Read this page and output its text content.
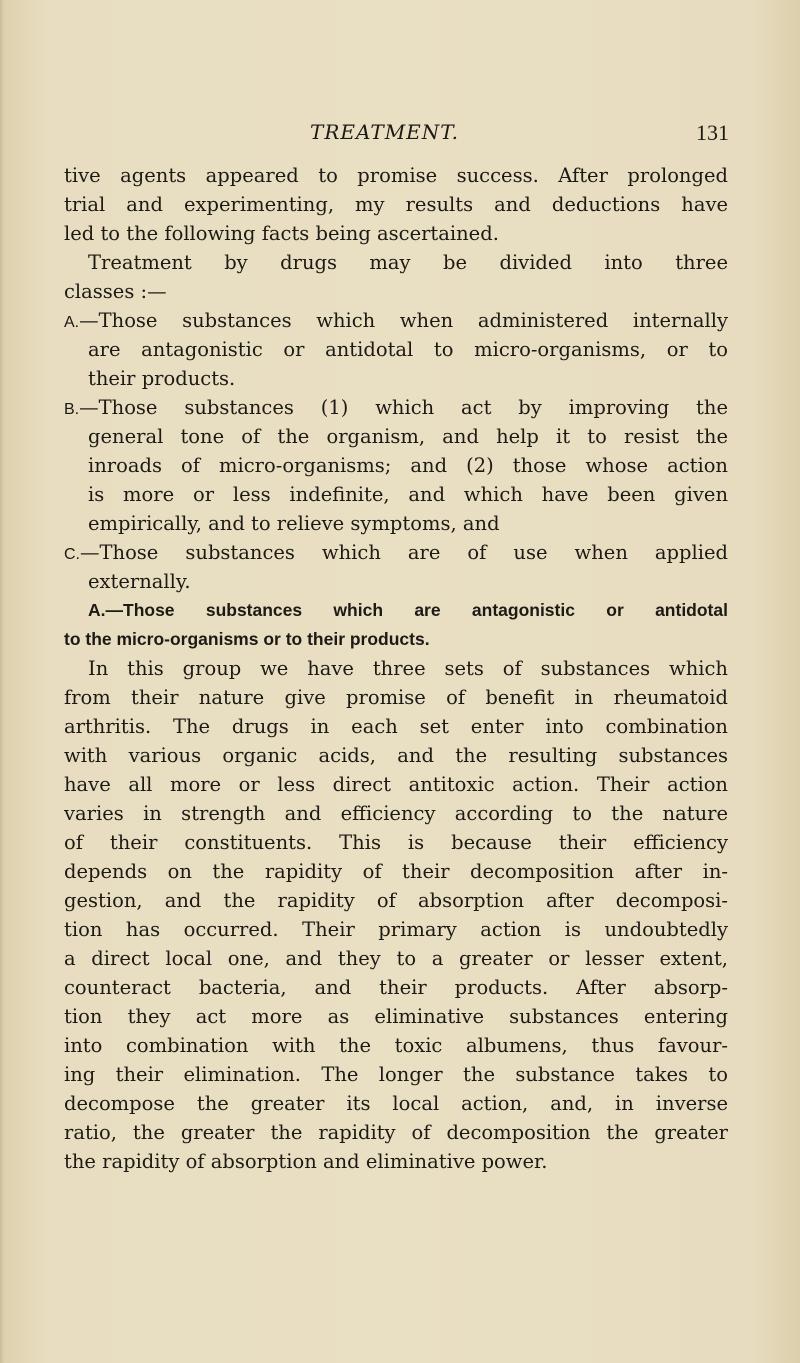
TREATMENT.	131
tive agents appeared to promise success. After prolonged
trial and experimenting, my results and deductions have
led to the following facts being ascertained.
Treatment by drugs may be divided into three
classes :—
A.—Those substances which when administered internally
are antagonistic or antidotal to micro-organisms, or to
their products.
B.—Those substances (1) which act by improving the
general tone of the organism, and help it to resist the
inroads of micro-organisms; and (2) those whose action
is more or less indefinite, and which have been given
empirically, and to relieve symptoms, and
C.—Those substances which are of use when applied
externally.
A.—Those substances which are antagonistic or antidotal
to the micro-organisms or to their products.
In this group we have three sets of substances which
from their nature give promise of benefit in rheumatoid
arthritis. The drugs in each set enter into combination
with various organic acids, and the resulting substances
have all more or less direct antitoxic action. Their action
varies in strength and efficiency according to the nature
of their constituents. This is because their efficiency
depends on the rapidity of their decomposition after in-
gestion, and the rapidity of absorption after decomposi-
tion has occurred. Their primary action is undoubtedly
a direct local one, and they to a greater or lesser extent,
counteract bacteria, and their products. After absorp-
tion they act more as eliminative substances entering
into combination with the toxic albumens, thus favour-
ing their elimination. The longer the substance takes to
decompose the greater its local action, and, in inverse
ratio, the greater the rapidity of decomposition the greater
the rapidity of absorption and eliminative power.
